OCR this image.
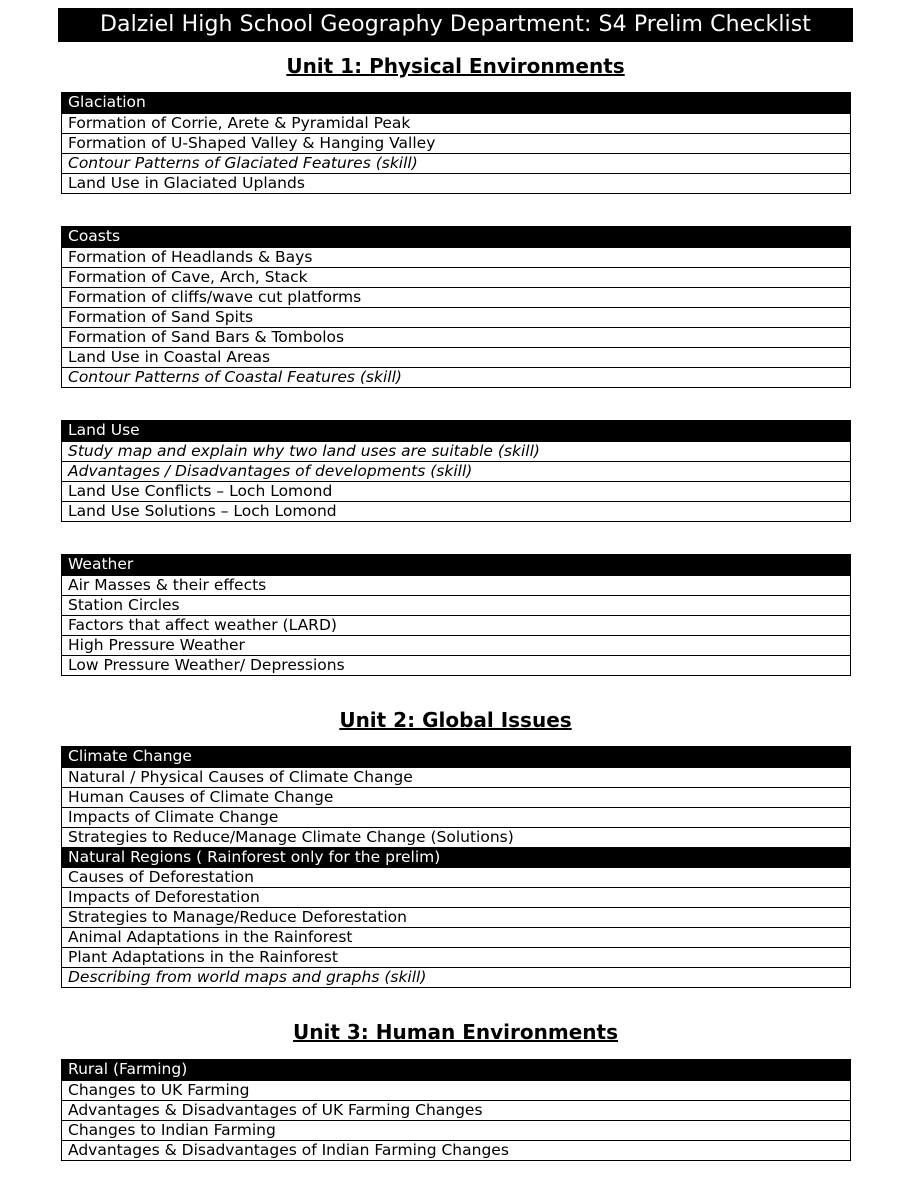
Dalziel High School Geography Department: S4 Prelim Checklist
Unit 1: Physical Environments
Glaciation
Formation of Corrie, Arete & Pyramidal Peak
Formation of U-Shaped Valley & Hanging Valley
Contour Patterns of Glaciated Features (skill)
Land Use in Glaciated Uplands
Coasts
Formation of Headlands & Bays
Formation of Cave, Arch, Stack
Formation of cliffs/wave cut platforms
Formation of Sand Spits
Formation of Sand Bars & Tombolos
Land Use in Coastal Areas
Contour Patterns of Coastal Features (skill)
Land Use
Study map and explain why two land uses are suitable (skill)
Advantages / Disadvantages of developments (skill)
Land Use Conflicts – Loch Lomond
Land Use Solutions – Loch Lomond
Weather
Air Masses & their effects
Station Circles
Factors that affect weather (LARD)
High Pressure Weather
Low Pressure Weather/ Depressions
Unit 2: Global Issues
Climate Change
Natural / Physical Causes of Climate Change
Human Causes of Climate Change
Impacts of Climate Change
Strategies to Reduce/Manage Climate Change (Solutions)
Natural Regions ( Rainforest only for the prelim)
Causes of Deforestation
Impacts of Deforestation
Strategies to Manage/Reduce Deforestation
Animal Adaptations in the Rainforest
Plant Adaptations in the Rainforest
Describing from world maps and graphs (skill)
Unit 3: Human Environments
Rural (Farming)
Changes to UK Farming
Advantages & Disadvantages of UK Farming Changes
Changes to Indian Farming
Advantages & Disadvantages of Indian Farming Changes
